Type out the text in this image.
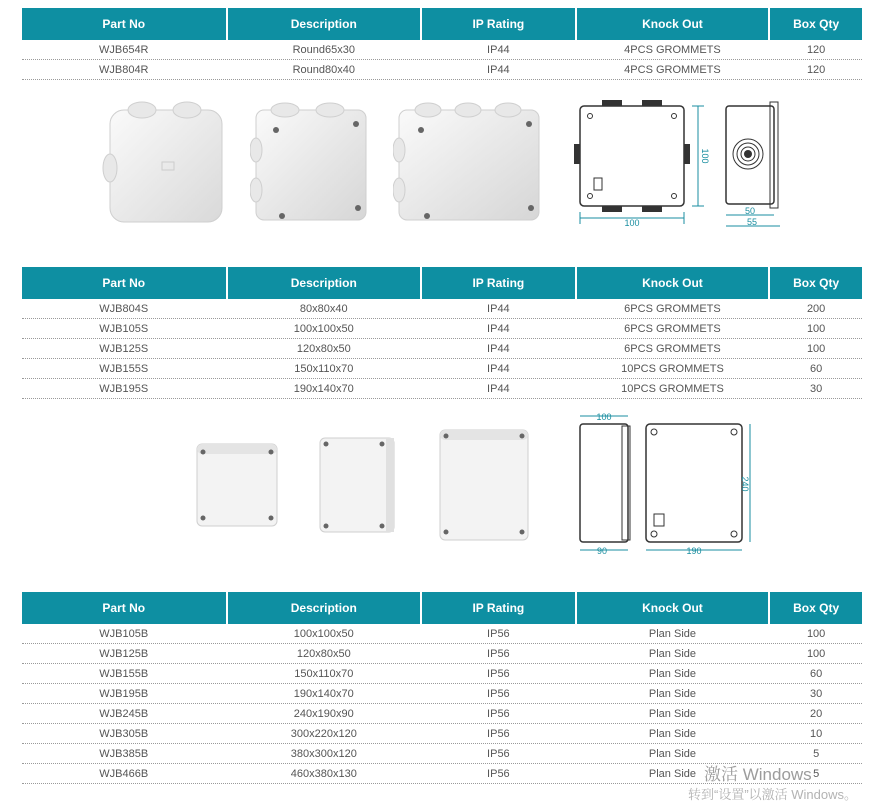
Part No	Description	IP Rating	Knock Out	Box Qty
WJB654R	Round65x30	IP44	4PCS GROMMETS	120
WJB804R	Round80x40	IP44	4PCS GROMMETS	120
100
100
50
55
Part No	Description	IP Rating	Knock Out	Box Qty
WJB804S	80x80x40	IP44	6PCS GROMMETS	200
WJB105S	100x100x50	IP44	6PCS GROMMETS	100
WJB125S	120x80x50	IP44	6PCS GROMMETS	100
WJB155S	150x110x70	IP44	10PCS GROMMETS	60
WJB195S	190x140x70	IP44	10PCS GROMMETS	30
100
90	190
240
Part No	Description	IP Rating	Knock Out	Box Qty
WJB105B	100x100x50	IP56	Plan Side	100
WJB125B	120x80x50	IP56	Plan Side	100
WJB155B	150x110x70	IP56	Plan Side	60
WJB195B	190x140x70	IP56	Plan Side	30
WJB245B	240x190x90	IP56	Plan Side	20
WJB305B	300x220x120	IP56	Plan Side	10
WJB385B	380x300x120	IP56	Plan Side	5
WJB466B	460x380x130	IP56	Plan Side	5
激活 Windows
转到“设置”以激活 Windows。
